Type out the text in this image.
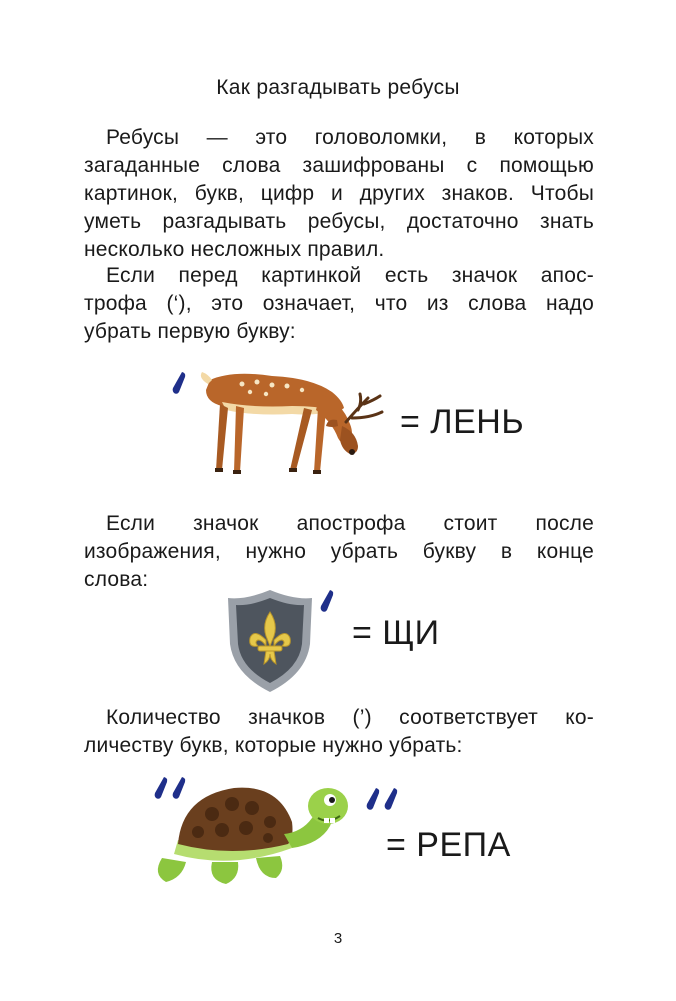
Как разгадывать ребусы

Ребусы — это головоломки, в которых
загаданные слова зашифрованы с помощью
картинок, букв, цифр и других знаков. Чтобы
уметь разгадывать ребусы, достаточно знать
несколько несложных правил.

Если перед картинкой есть значок апос-
трофа (‘), это означает, что из слова надо
убрать первую букву:

= ЛЕНЬ

Если значок апострофа стоит после
изображения, нужно убрать букву в конце
слова:

= ЩИ

Количество значков (’) соответствует ко-
личеству букв, которые нужно убрать:

= РЕПА
3
